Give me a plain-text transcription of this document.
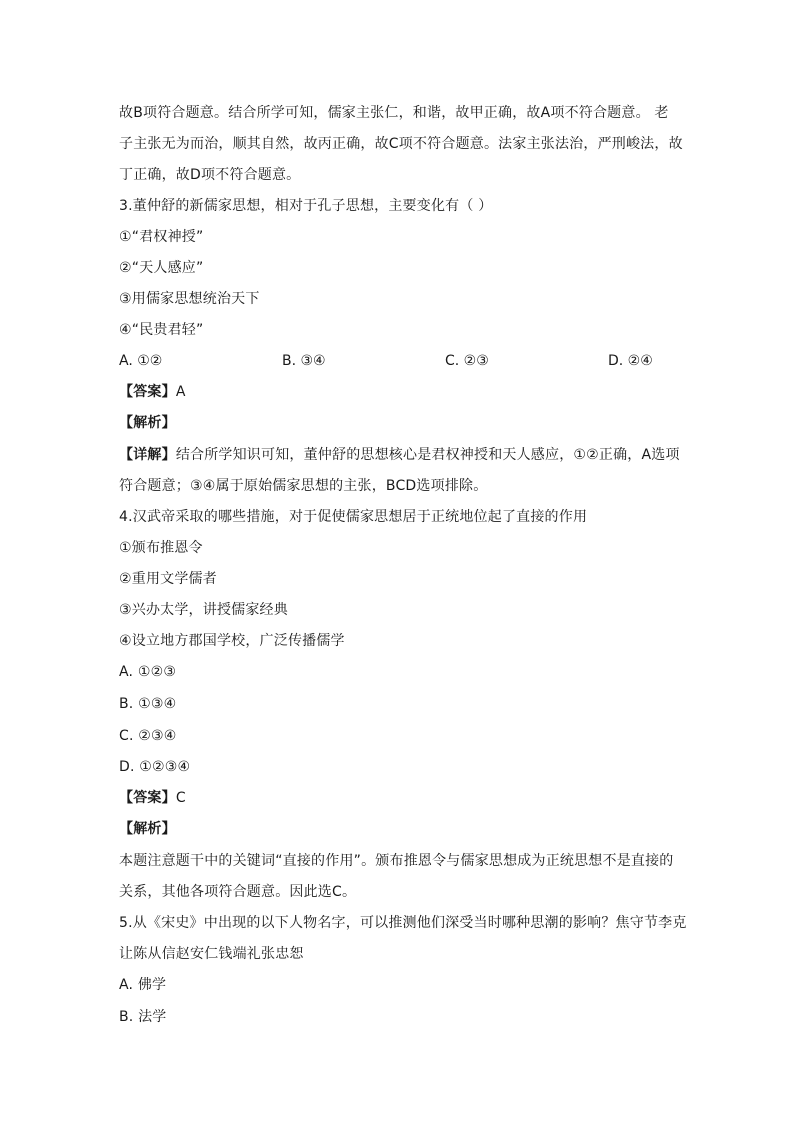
故B项符合题意。结合所学可知，儒家主张仁，和谐，故甲正确，故A项不符合题意。 老
子主张无为而治，顺其自然，故丙正确，故C项不符合题意。法家主张法治，严刑峻法，故
丁正确，故D项不符合题意。
3.董仲舒的新儒家思想，相对于孔子思想，主要变化有（ ）
①“君权神授”
②“天人感应”
③用儒家思想统治天下
④“民贵君轻”
A. ①②	B. ③④	C. ②③	D. ②④
【答案】A
【解析】
【详解】结合所学知识可知，董仲舒的思想核心是君权神授和天人感应，①②正确，A选项
符合题意；③④属于原始儒家思想的主张，BCD选项排除。
4.汉武帝采取的哪些措施，对于促使儒家思想居于正统地位起了直接的作用
①颁布推恩令
②重用文学儒者
③兴办太学，讲授儒家经典
④设立地方郡国学校，广泛传播儒学
A. ①②③
B. ①③④
C. ②③④
D. ①②③④
【答案】C
【解析】
本题注意题干中的关键词“直接的作用”。颁布推恩令与儒家思想成为正统思想不是直接的
关系，其他各项符合题意。因此选C。
5.从《宋史》中出现的以下人物名字，可以推测他们深受当时哪种思潮的影响？焦守节李克
让陈从信赵安仁钱端礼张忠恕
A. 佛学
B. 法学
